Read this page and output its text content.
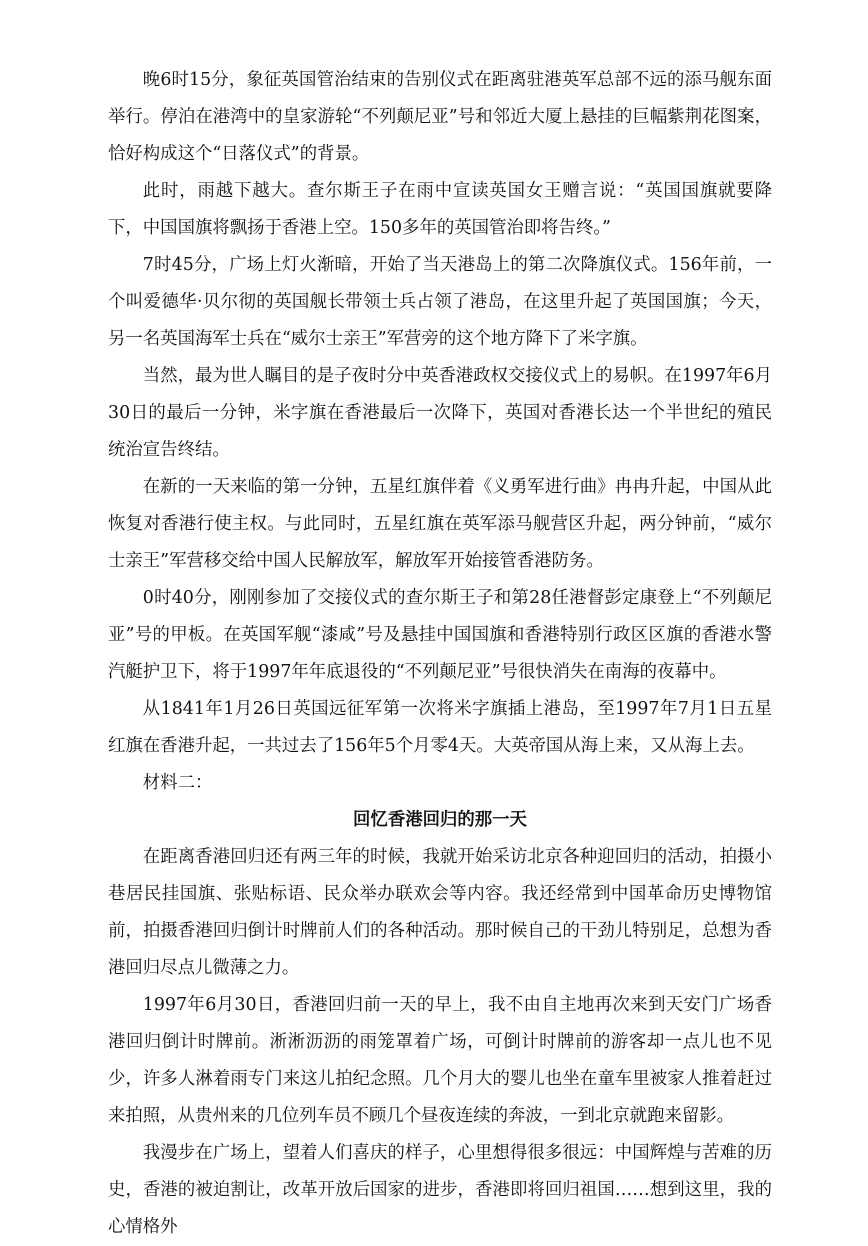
晚6时15分，象征英国管治结束的告别仪式在距离驻港英军总部不远的添马舰东面举行。停泊在港湾中的皇家游轮“不列颠尼亚”号和邻近大厦上悬挂的巨幅紫荆花图案，恰好构成这个“日落仪式”的背景。

此时，雨越下越大。查尔斯王子在雨中宣读英国女王赠言说：“英国国旗就要降下，中国国旗将飘扬于香港上空。150多年的英国管治即将告终。”

7时45分，广场上灯火渐暗，开始了当天港岛上的第二次降旗仪式。156年前，一个叫爱德华·贝尔彻的英国舰长带领士兵占领了港岛，在这里升起了英国国旗；今天，另一名英国海军士兵在“威尔士亲王”军营旁的这个地方降下了米字旗。

当然，最为世人瞩目的是子夜时分中英香港政权交接仪式上的易帜。在1997年6月30日的最后一分钟，米字旗在香港最后一次降下，英国对香港长达一个半世纪的殖民统治宣告终结。

在新的一天来临的第一分钟，五星红旗伴着《义勇军进行曲》冉冉升起，中国从此恢复对香港行使主权。与此同时，五星红旗在英军添马舰营区升起，两分钟前，“威尔士亲王”军营移交给中国人民解放军，解放军开始接管香港防务。

0时40分，刚刚参加了交接仪式的查尔斯王子和第28任港督彭定康登上“不列颠尼亚”号的甲板。在英国军舰“漆咸”号及悬挂中国国旗和香港特别行政区区旗的香港水警汽艇护卫下，将于1997年年底退役的“不列颠尼亚”号很快消失在南海的夜幕中。

从1841年1月26日英国远征军第一次将米字旗插上港岛，至1997年7月1日五星红旗在香港升起，一共过去了156年5个月零4天。大英帝国从海上来，又从海上去。

材料二：

回忆香港回归的那一天

在距离香港回归还有两三年的时候，我就开始采访北京各种迎回归的活动，拍摄小巷居民挂国旗、张贴标语、民众举办联欢会等内容。我还经常到中国革命历史博物馆前，拍摄香港回归倒计时牌前人们的各种活动。那时候自己的干劲儿特别足，总想为香港回归尽点儿微薄之力。

1997年6月30日，香港回归前一天的早上，我不由自主地再次来到天安门广场香港回归倒计时牌前。淅淅沥沥的雨笼罩着广场，可倒计时牌前的游客却一点儿也不见少，许多人淋着雨专门来这儿拍纪念照。几个月大的婴儿也坐在童车里被家人推着赶过来拍照，从贵州来的几位列车员不顾几个昼夜连续的奔波，一到北京就跑来留影。

我漫步在广场上，望着人们喜庆的样子，心里想得很多很远：中国辉煌与苦难的历史，香港的被迫割让，改革开放后国家的进步，香港即将回归祖国……想到这里，我的心情格外
